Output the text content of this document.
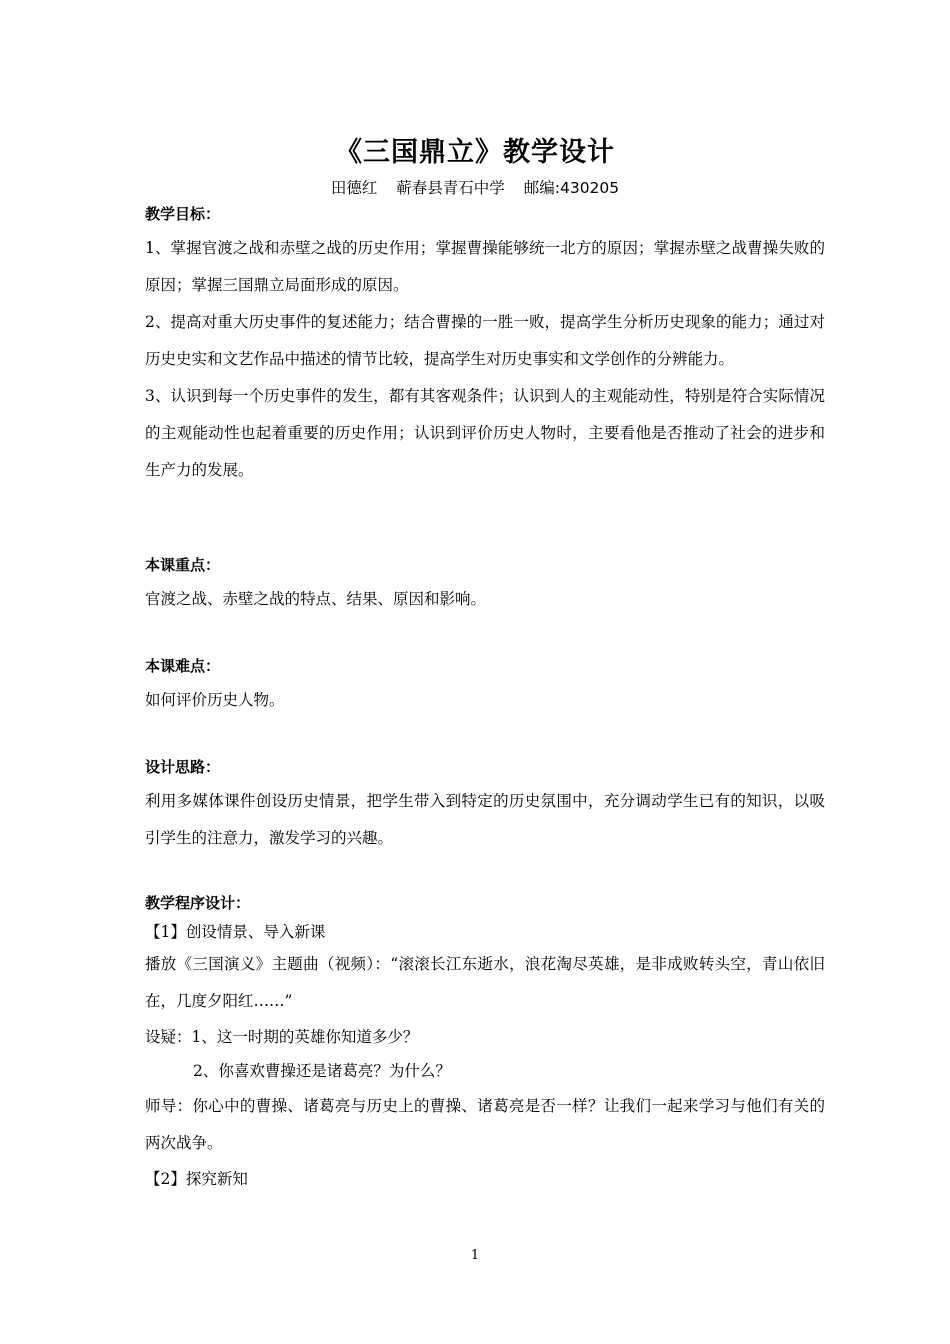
《三国鼎立》教学设计
田德红 蕲春县青石中学 邮编:430205
教学目标：

1、掌握官渡之战和赤壁之战的历史作用；掌握曹操能够统一北方的原因；掌握赤壁之战曹操失败的原因；掌握三国鼎立局面形成的原因。

2、提高对重大历史事件的复述能力；结合曹操的一胜一败，提高学生分析历史现象的能力；通过对历史史实和文艺作品中描述的情节比较，提高学生对历史事实和文学创作的分辨能力。

3、认识到每一个历史事件的发生，都有其客观条件；认识到人的主观能动性，特别是符合实际情况的主观能动性也起着重要的历史作用；认识到评价历史人物时，主要看他是否推动了社会的进步和生产力的发展。

本课重点：

官渡之战、赤壁之战的特点、结果、原因和影响。

本课难点：

如何评价历史人物。

设计思路：

利用多媒体课件创设历史情景，把学生带入到特定的历史氛围中，充分调动学生已有的知识，以吸引学生的注意力，激发学习的兴趣。

教学程序设计：

【1】创设情景、导入新课

播放《三国演义》主题曲（视频）：“滚滚长江东逝水，浪花淘尽英雄，是非成败转头空，青山依旧在，几度夕阳红……”

设疑：1、这一时期的英雄你知道多少？

2、你喜欢曹操还是诸葛亮？为什么？

师导：你心中的曹操、诸葛亮与历史上的曹操、诸葛亮是否一样？让我们一起来学习与他们有关的两次战争。

【2】探究新知

1
